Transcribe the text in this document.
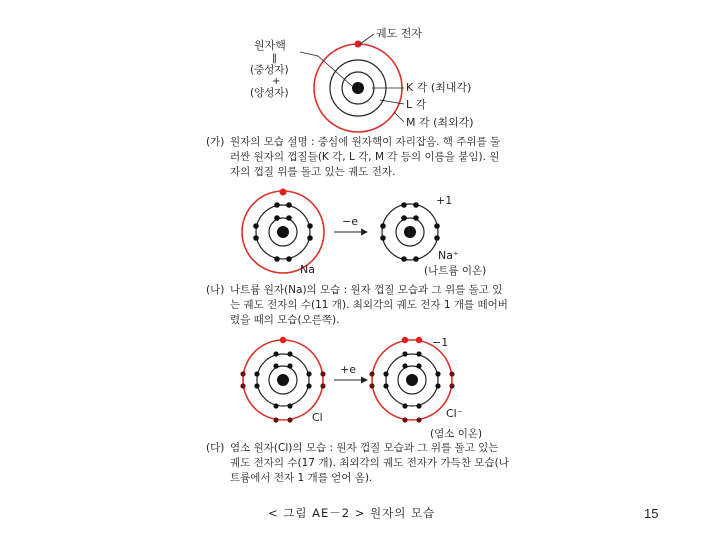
궤도 전자
원자핵
‖
(중성자)
+
(양성자)	K 각 (최내각)
L 각
M 각 (최외각)
−e
+1
Na
Na⁺
(나트륨 이온)
+e
−1
Cl	Cl⁻
(염소 이온)
(가) 원자의 모습 설명 : 중심에 원자핵이 자리잡음. 핵 주위를 둘
러싼 원자의 껍질들(K 각, L 각, M 각 등의 이름을 붙임). 원
자의 껍질 위를 돌고 있는 궤도 전자.
(나) 나트륨 원자(Na)의 모습 : 원자 껍질 모습과 그 위를 돌고 있
는 궤도 전자의 수(11 개). 최외각의 궤도 전자 1 개를 떼어버
렸을 때의 모습(오른쪽).
(다) 염소 원자(Cl)의 모습 : 원자 껍질 모습과 그 위를 돌고 있는
궤도 전자의 수(17 개). 최외각의 궤도 전자가 가득찬 모습(나
트륨에서 전자 1 개를 얻어 옴).
< 그림 AE－2 > 원자의 모습	15
